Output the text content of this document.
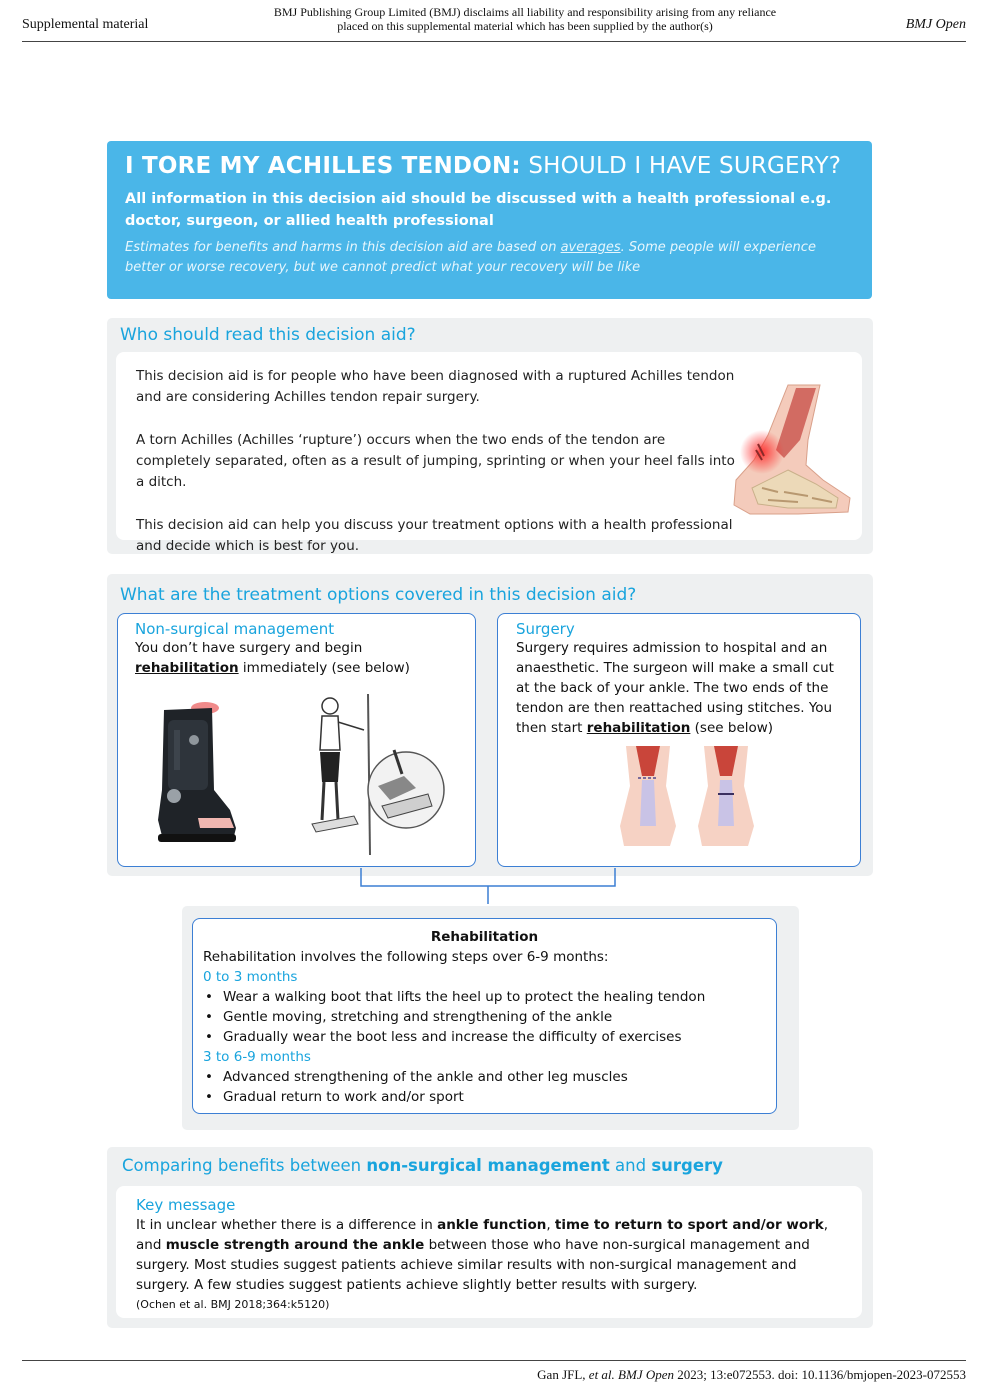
Supplemental material
BMJ Publishing Group Limited (BMJ) disclaims all liability and responsibility arising from any reliance
placed on this supplemental material which has been supplied by the author(s)	BMJ Open
I TORE MY ACHILLES TENDON: SHOULD I HAVE SURGERY?
All information in this decision aid should be discussed with a health professional e.g. doctor, surgeon, or allied health professional
Estimates for benefits and harms in this decision aid are based on averages. Some people will experience better or worse recovery, but we cannot predict what your recovery will be like
Who should read this decision aid?

This decision aid is for people who have been diagnosed with a ruptured Achilles tendon and are considering Achilles tendon repair surgery.

A torn Achilles (Achilles ‘rupture’) occurs when the two ends of the tendon are completely separated, often as a result of jumping, sprinting or when your heel falls into a ditch.

This decision aid can help you discuss your treatment options with a health professional and decide which is best for you.

What are the treatment options covered in this decision aid?
Non-surgical management
You don’t have surgery and begin rehabilitation immediately (see below)
Surgery
Surgery requires admission to hospital and an anaesthetic. The surgeon will make a small cut at the back of your ankle. The two ends of the tendon are then reattached using stitches. You then start rehabilitation (see below)
Rehabilitation
Rehabilitation involves the following steps over 6-9 months:
0 to 3 months
• Wear a walking boot that lifts the heel up to protect the healing tendon
• Gentle moving, stretching and strengthening of the ankle
• Gradually wear the boot less and increase the difficulty of exercises
3 to 6-9 months
• Advanced strengthening of the ankle and other leg muscles
• Gradual return to work and/or sport
Comparing benefits between non-surgical management and surgery
Key message
It in unclear whether there is a difference in ankle function, time to return to sport and/or work, and muscle strength around the ankle between those who have non-surgical management and surgery. Most studies suggest patients achieve similar results with non-surgical management and surgery. A few studies suggest patients achieve slightly better results with surgery.
(Ochen et al. BMJ 2018;364:k5120)
Gan JFL, et al. BMJ Open 2023; 13:e072553. doi: 10.1136/bmjopen-2023-072553
